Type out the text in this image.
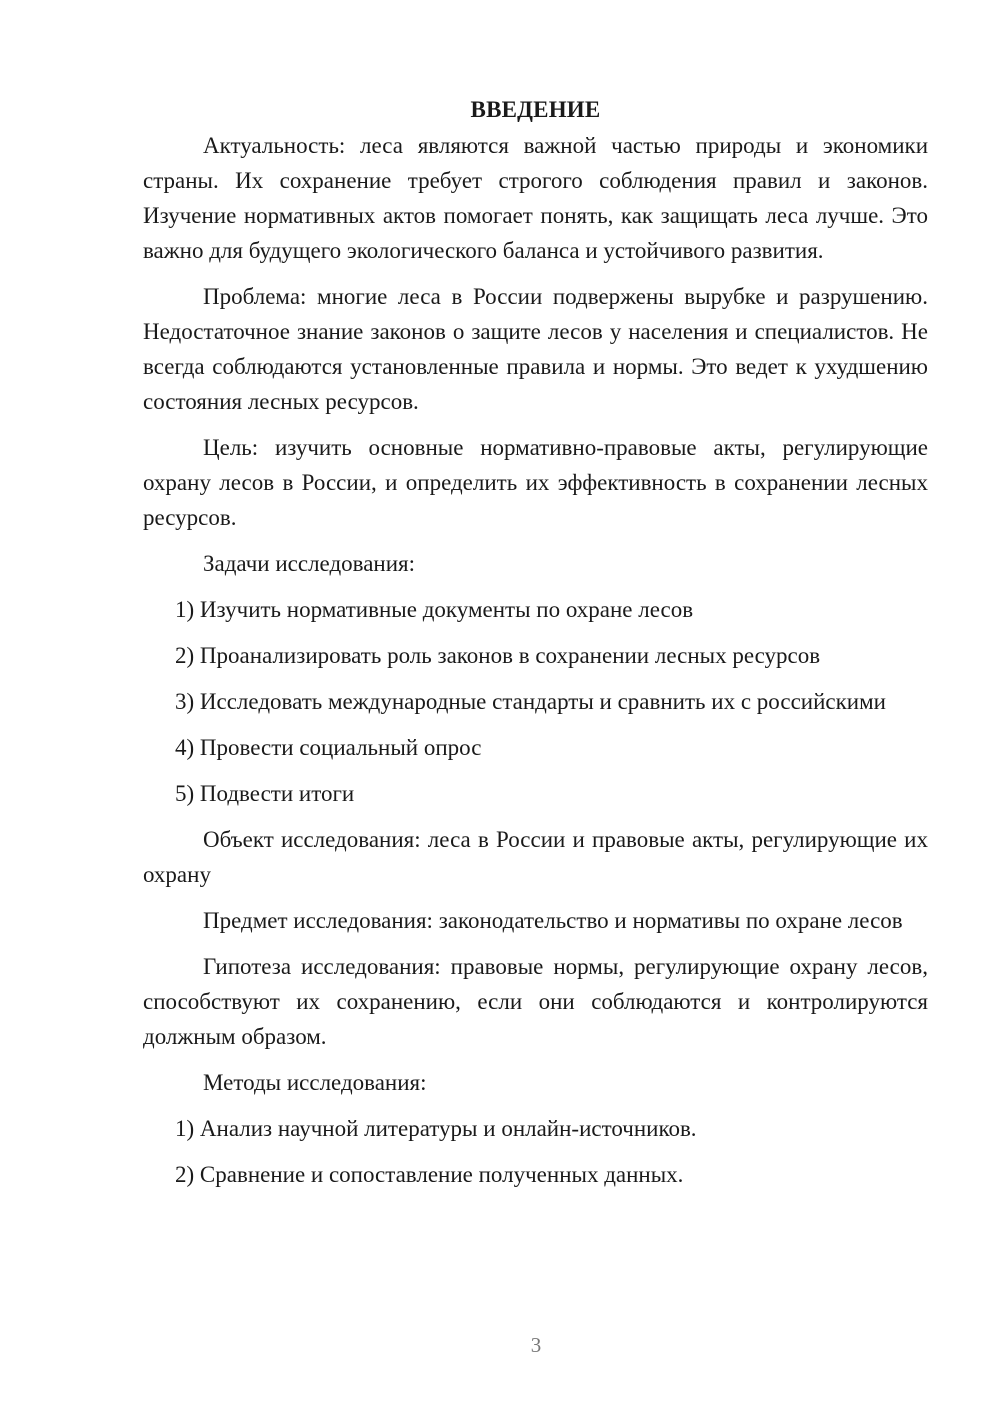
ВВЕДЕНИЕ

Актуальность: леса являются важной частью природы и экономики страны. Их сохранение требует строгого соблюдения правил и законов. Изучение нормативных актов помогает понять, как защищать леса лучше. Это важно для будущего экологического баланса и устойчивого развития.

Проблема: многие леса в России подвержены вырубке и разрушению. Недостаточное знание законов о защите лесов у населения и специалистов. Не всегда соблюдаются установленные правила и нормы. Это ведет к ухудшению состояния лесных ресурсов.

Цель: изучить основные нормативно-правовые акты, регулирующие охрану лесов в России, и определить их эффективность в сохранении лесных ресурсов.

Задачи исследования:

1) Изучить нормативные документы по охране лесов

2) Проанализировать роль законов в сохранении лесных ресурсов

3) Исследовать международные стандарты и сравнить их с российскими

4) Провести социальный опрос

5) Подвести итоги

Объект исследования: леса в России и правовые акты, регулирующие их охрану

Предмет исследования: законодательство и нормативы по охране лесов

Гипотеза исследования: правовые нормы, регулирующие охрану лесов, способствуют их сохранению, если они соблюдаются и контролируются должным образом.

Методы исследования:

1) Анализ научной литературы и онлайн-источников.

2) Сравнение и сопоставление полученных данных.

3
